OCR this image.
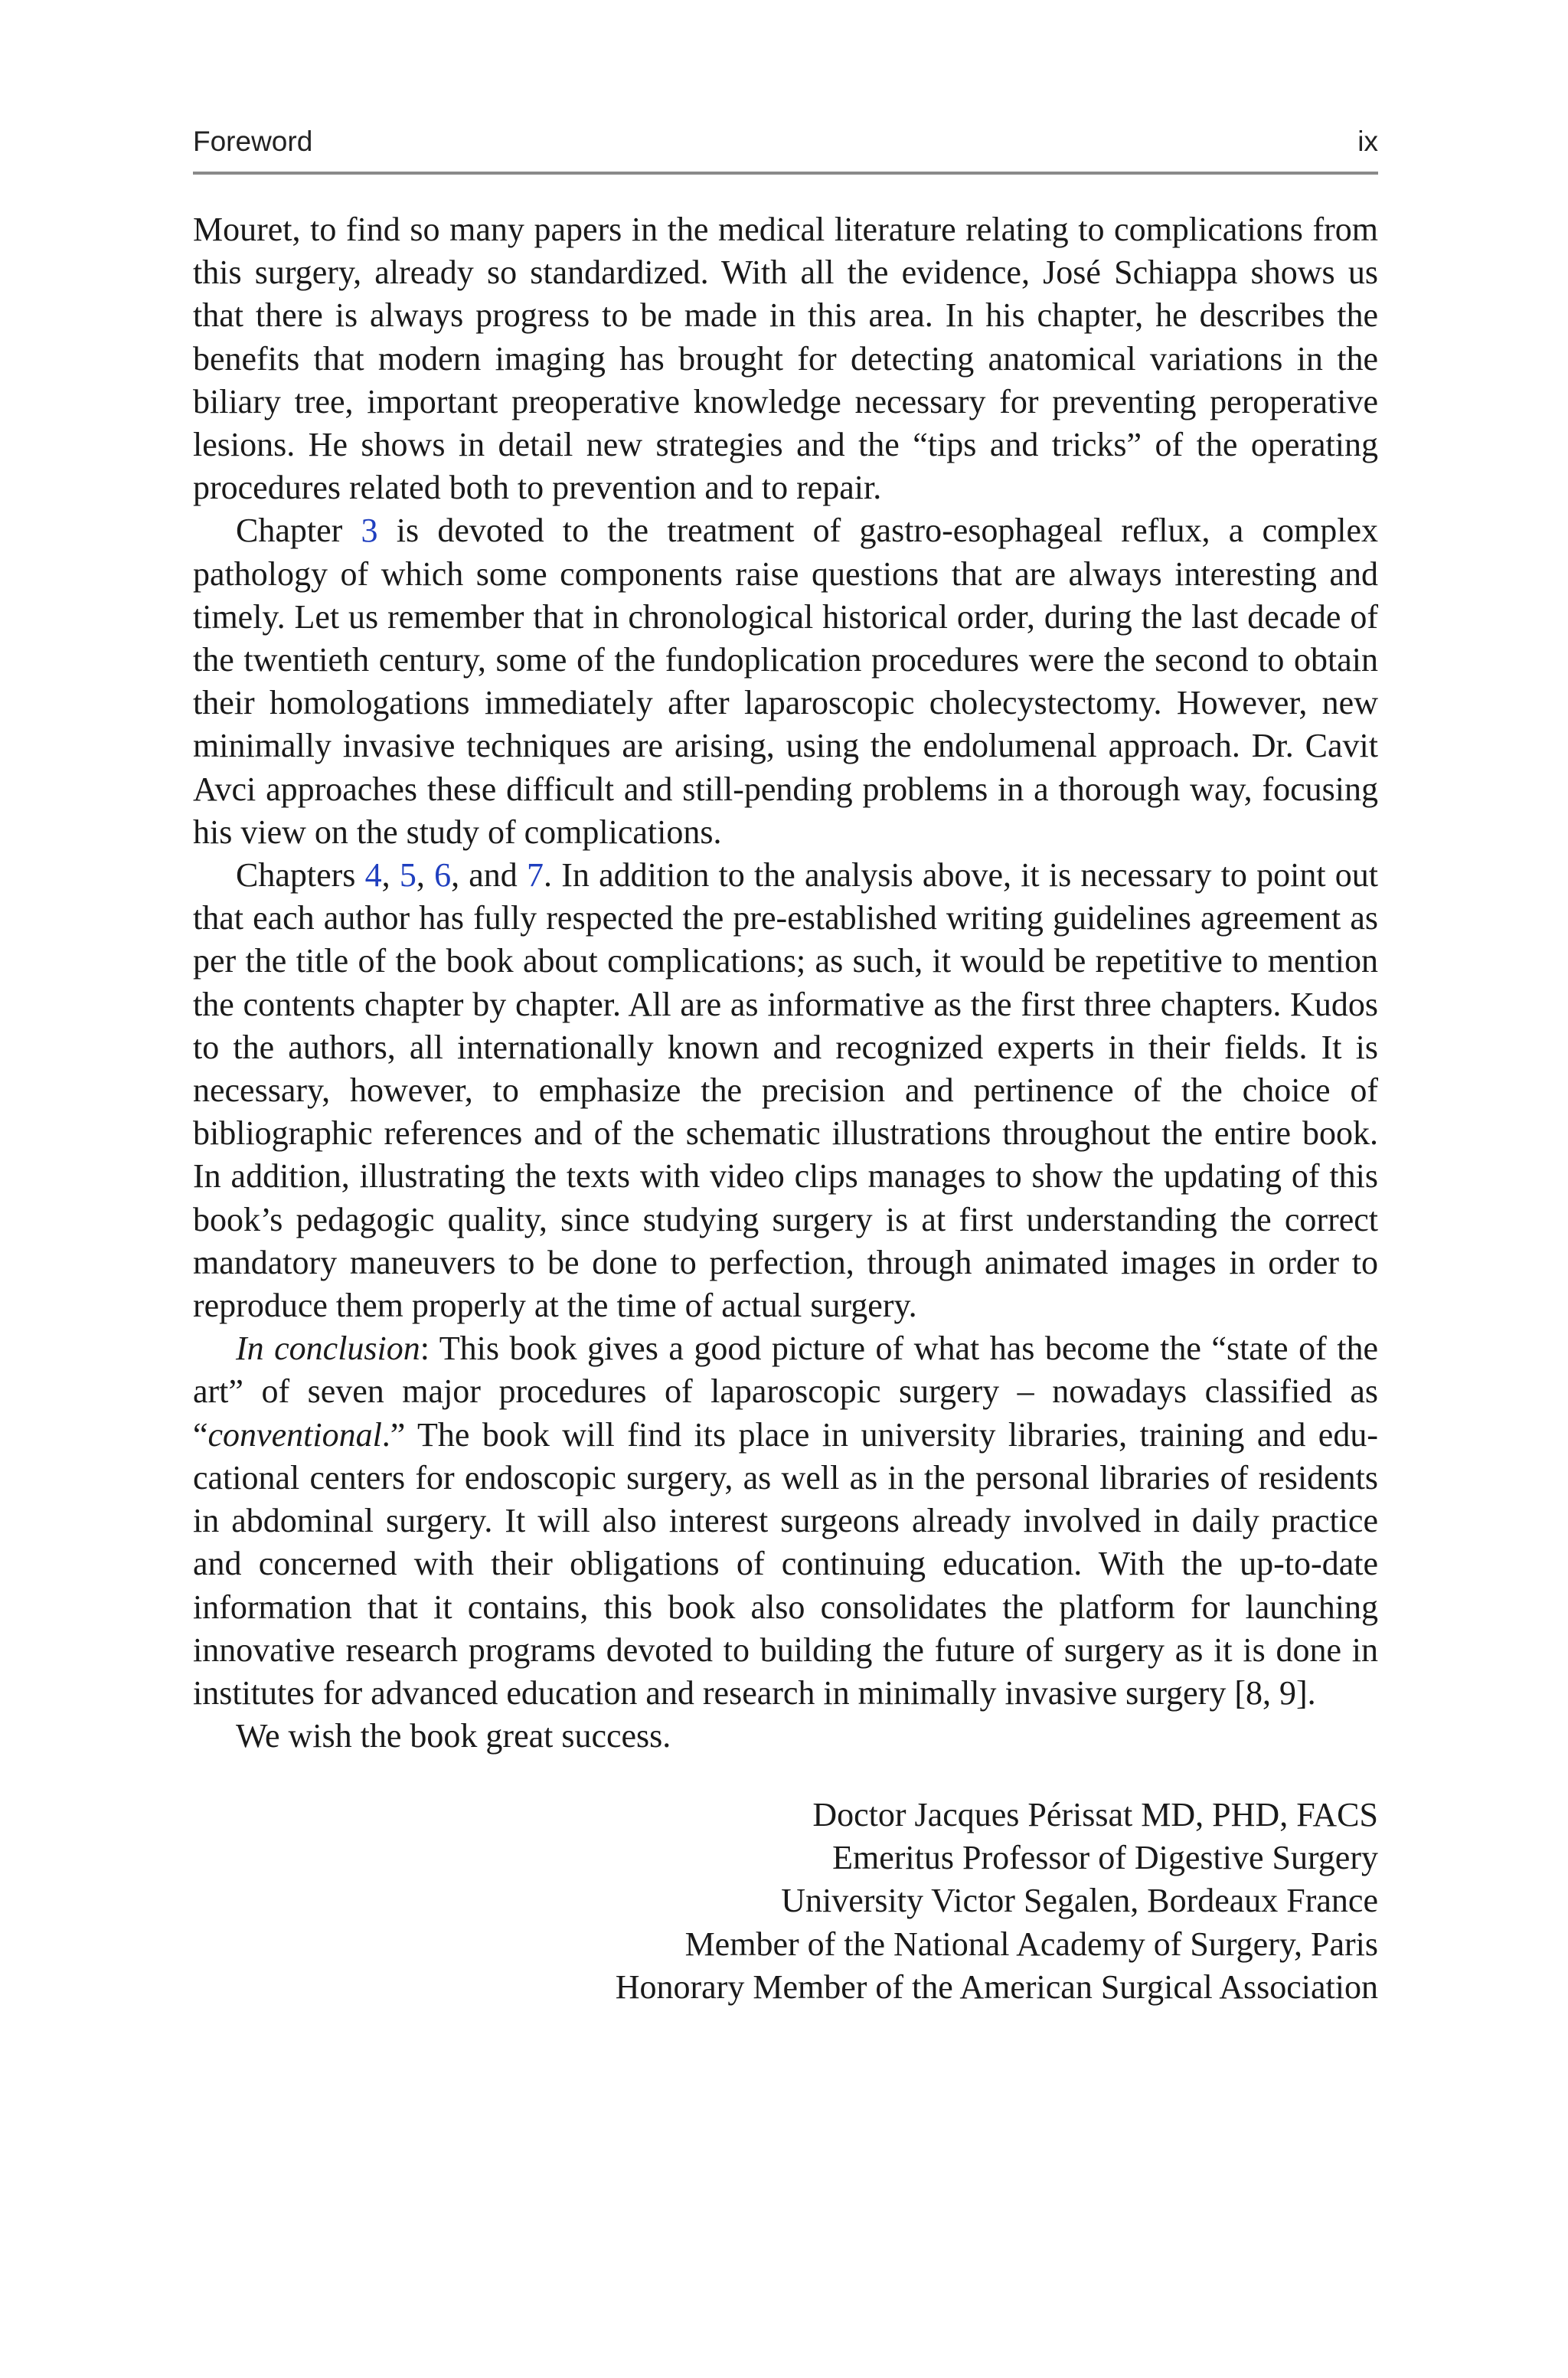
Foreword	ix

Mouret, to find so many papers in the medical literature relating to complications from this surgery, already so standardized. With all the evidence, José Schiappa shows us that there is always progress to be made in this area. In his chapter, he describes the benefits that modern imaging has brought for detecting anatomical variations in the biliary tree, important preoperative knowledge necessary for preventing peroperative lesions. He shows in detail new strategies and the “tips and tricks” of the operating procedures related both to prevention and to repair.

Chapter 3 is devoted to the treatment of gastro-esophageal reflux, a complex pathology of which some components raise questions that are always interesting and timely. Let us remember that in chronological historical order, during the last decade of the twentieth century, some of the fundoplication procedures were the second to obtain their homologations immediately after laparoscopic cholecystectomy. However, new minimally invasive techniques are arising, using the endolumenal approach. Dr. Cavit Avci approaches these difficult and still-pending problems in a thorough way, focusing his view on the study of complications.

Chapters 4, 5, 6, and 7. In addition to the analysis above, it is necessary to point out that each author has fully respected the pre-established writing guidelines agreement as per the title of the book about complications; as such, it would be repetitive to mention the contents chapter by chapter. All are as informative as the first three chapters. Kudos to the authors, all internationally known and recognized experts in their fields. It is necessary, however, to emphasize the precision and pertinence of the choice of bibliographic references and of the schematic illustrations throughout the entire book. In addition, illustrating the texts with video clips manages to show the updating of this book’s pedagogic quality, since studying surgery is at first understanding the correct mandatory maneuvers to be done to perfection, through animated images in order to reproduce them properly at the time of actual surgery.

In conclusion: This book gives a good picture of what has become the “state of the art” of seven major procedures of laparoscopic surgery – nowadays classified as “conventional.” The book will find its place in university libraries, training and educational centers for endoscopic surgery, as well as in the personal libraries of residents in abdominal surgery. It will also interest surgeons already involved in daily practice and concerned with their obligations of continuing education. With the up-to-date information that it contains, this book also consolidates the platform for launching innovative research programs devoted to building the future of surgery as it is done in institutes for advanced education and research in minimally invasive surgery [8, 9].

We wish the book great success.

Doctor Jacques Périssat MD, PHD, FACS
Emeritus Professor of Digestive Surgery
University Victor Segalen, Bordeaux France
Member of the National Academy of Surgery, Paris
Honorary Member of the American Surgical Association
